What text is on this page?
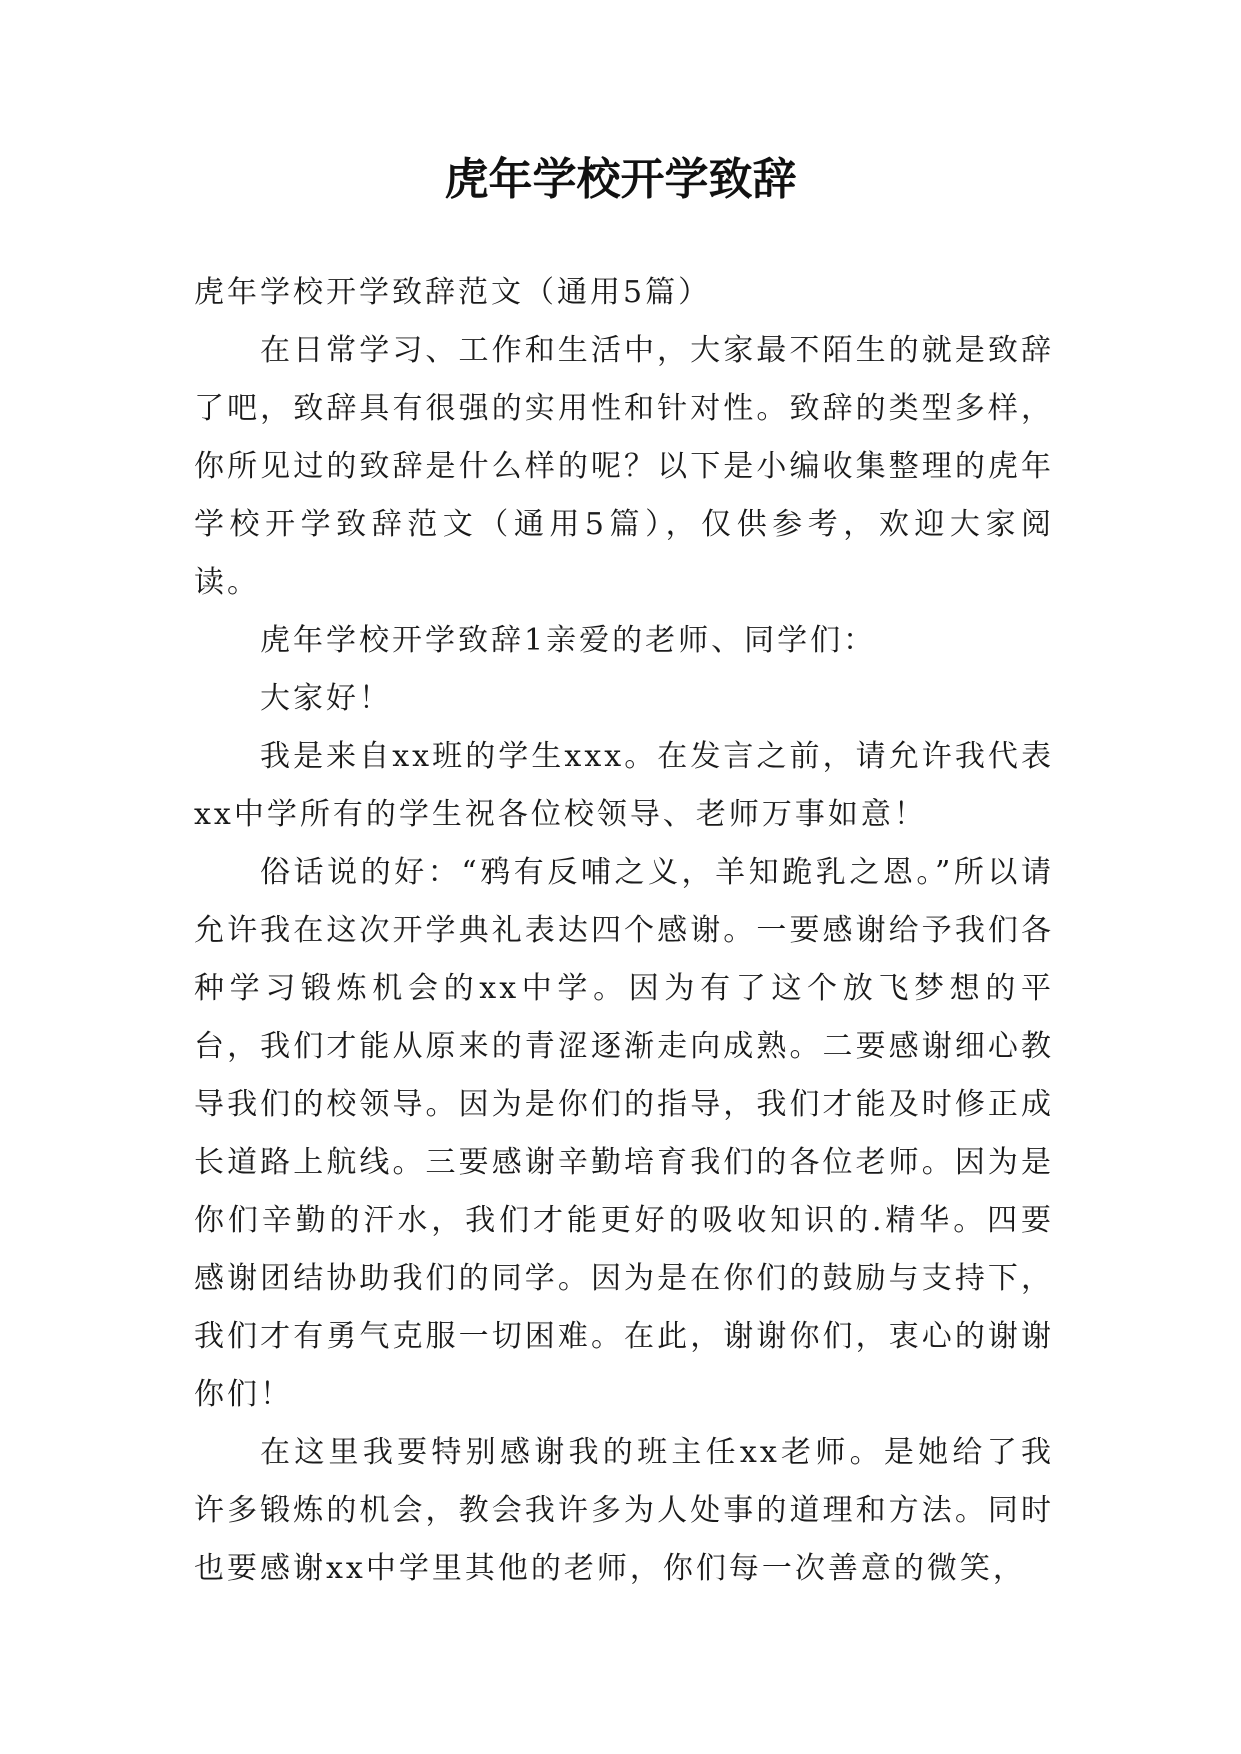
虎年学校开学致辞

虎年学校开学致辞范文（通用5篇）

在日常学习、工作和生活中，大家最不陌生的就是致辞了吧，致辞具有很强的实用性和针对性。致辞的类型多样，你所见过的致辞是什么样的呢？以下是小编收集整理的虎年学校开学致辞范文（通用5篇），仅供参考，欢迎大家阅读。

虎年学校开学致辞1亲爱的老师、同学们：

大家好！

我是来自xx班的学生xxx。在发言之前，请允许我代表xx中学所有的学生祝各位校领导、老师万事如意！

俗话说的好：“鸦有反哺之义，羊知跪乳之恩。”所以请允许我在这次开学典礼表达四个感谢。一要感谢给予我们各种学习锻炼机会的xx中学。因为有了这个放飞梦想的平台，我们才能从原来的青涩逐渐走向成熟。二要感谢细心教导我们的校领导。因为是你们的指导，我们才能及时修正成长道路上航线。三要感谢辛勤培育我们的各位老师。因为是你们辛勤的汗水，我们才能更好的吸收知识的.精华。四要感谢团结协助我们的同学。因为是在你们的鼓励与支持下，我们才有勇气克服一切困难。在此，谢谢你们，衷心的谢谢你们！

在这里我要特别感谢我的班主任xx老师。是她给了我许多锻炼的机会，教会我许多为人处事的道理和方法。同时也要感谢xx中学里其他的老师，你们每一次善意的微笑，
